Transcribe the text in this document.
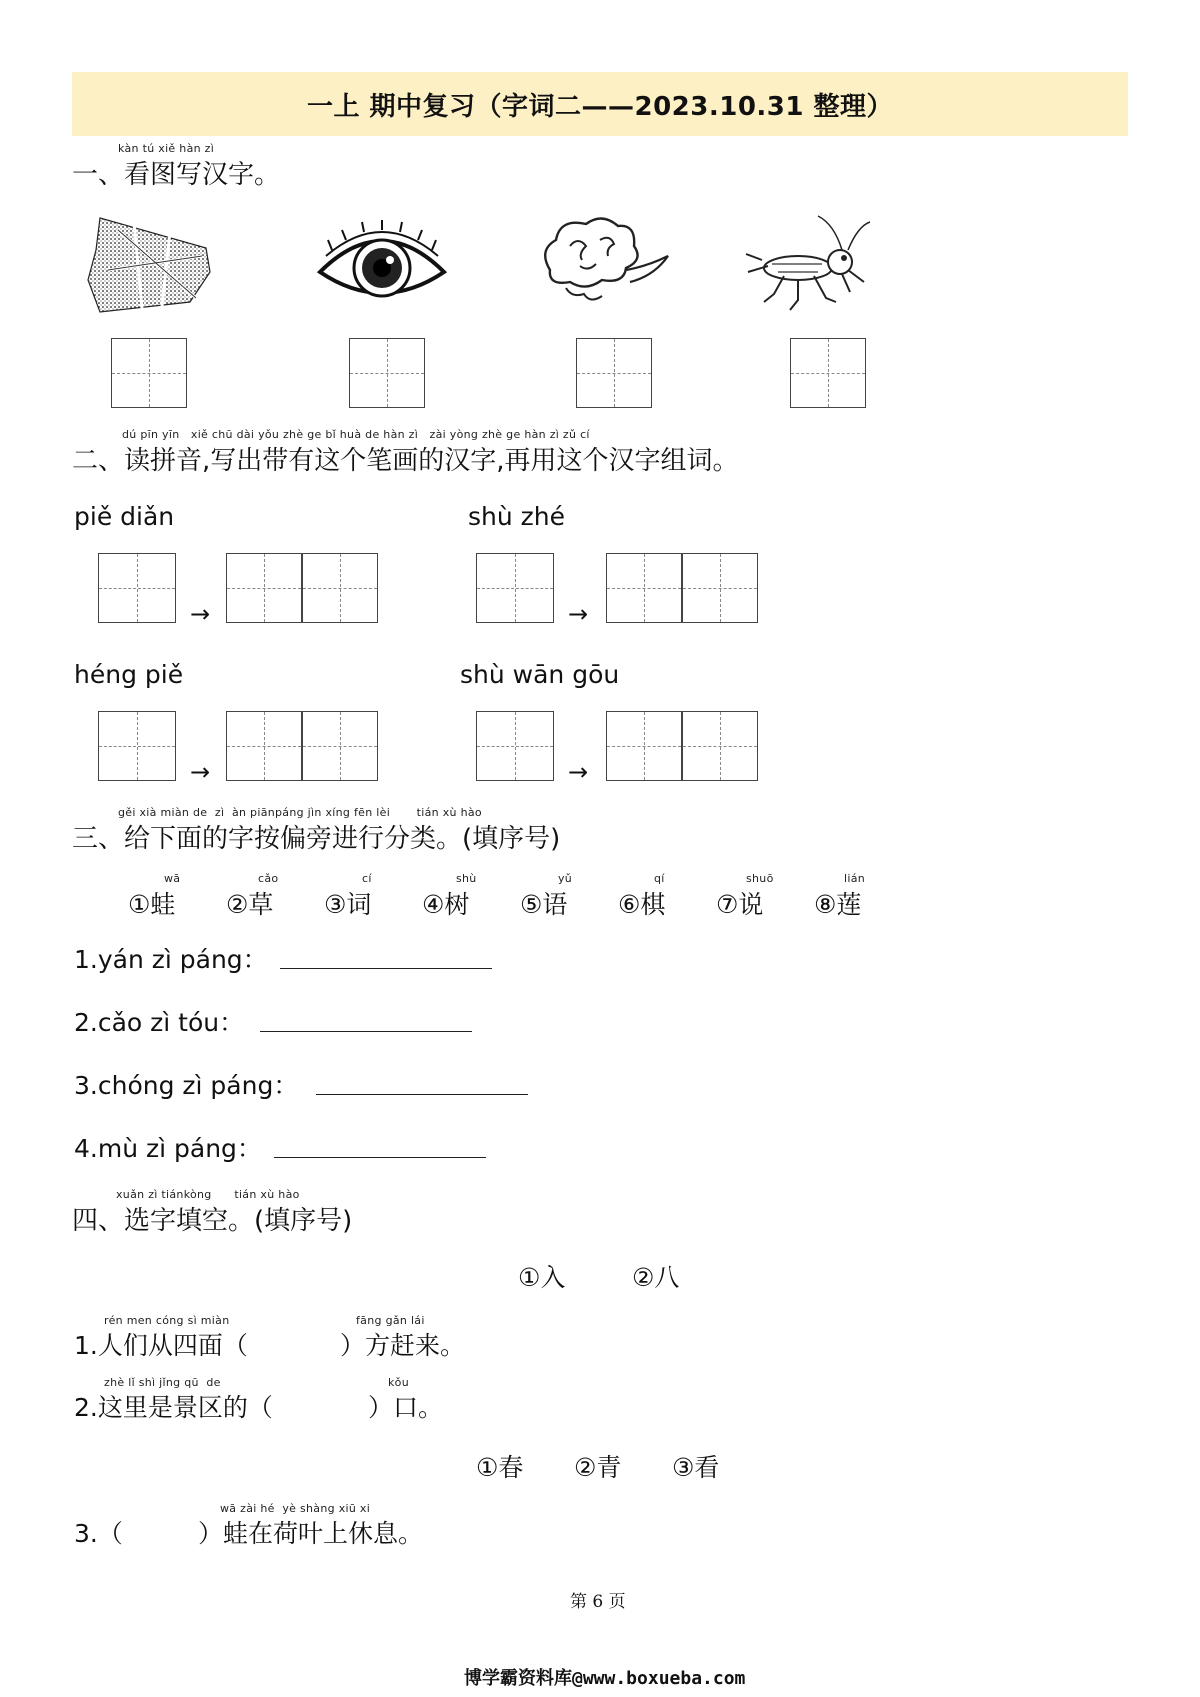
一上 期中复习（字词二——2023.10.31 整理）
kàn tú xiě hàn zì
一、看图写汉字。
dú pīn yīn   xiě chū dài yǒu zhè ge bǐ huà de hàn zì   zài yòng zhè ge hàn zì zǔ cí
二、读拼音,写出带有这个笔画的汉字,再用这个汉字组词。
piě diǎn	shù zhé
héng piě	shù wān gōu
→	→
→	→
gěi xià miàn de  zì  àn piānpáng jìn xíng fēn lèi       tián xù hào
三、给下面的字按偏旁进行分类。(填序号)
wā
①蛙
cǎo
②草
cí
③词
shù
④树
yǔ
⑤语
qí
⑥棋
shuō
⑦说
lián
⑧莲
1.yán zì páng：
2.cǎo zì tóu：
3.chóng zì páng：
4.mù zì páng：
xuǎn zì tiánkòng      tián xù hào
四、选字填空。(填序号)
①入	②八
rén men cóng sì miàn	fāng gǎn lái
1.人们从四面（	）方赶来。
zhè lǐ shì jǐng qū  de	kǒu
2.这里是景区的（	）口。
①春 ②青 ③看
wā zài hé  yè shàng xiū xi
3.（	）蛙在荷叶上休息。
第 6 页
博学霸资料库@www.boxueba.com
